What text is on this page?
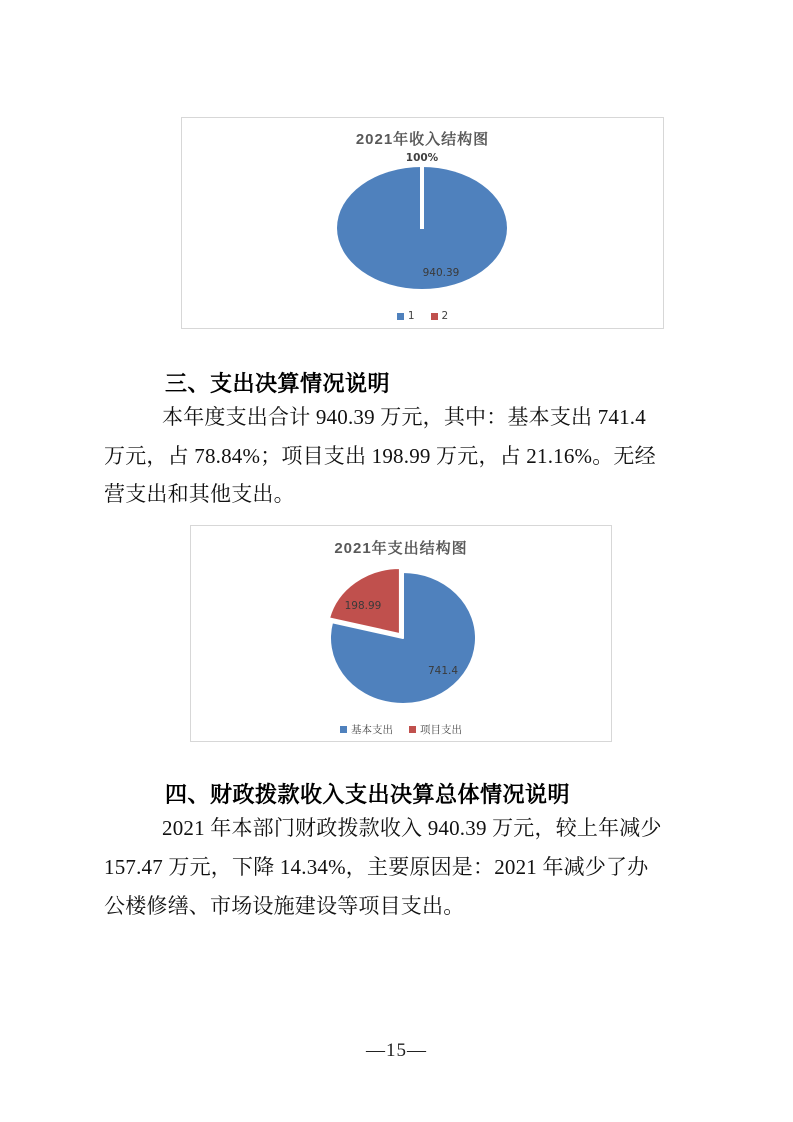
2021年收入结构图
100%
940.39
1	2
三、支出决算情况说明
本年度支出合计 940.39 万元，其中：基本支出 741.4
万元，占 78.84%；项目支出 198.99 万元，占 21.16%。无经
营支出和其他支出。
2021年支出结构图
198.99
741.4
基本支出	项目支出
四、财政拨款收入支出决算总体情况说明
2021 年本部门财政拨款收入 940.39 万元，较上年减少
157.47 万元，下降 14.34%，主要原因是：2021 年减少了办
公楼修缮、市场设施建设等项目支出。
—15—
